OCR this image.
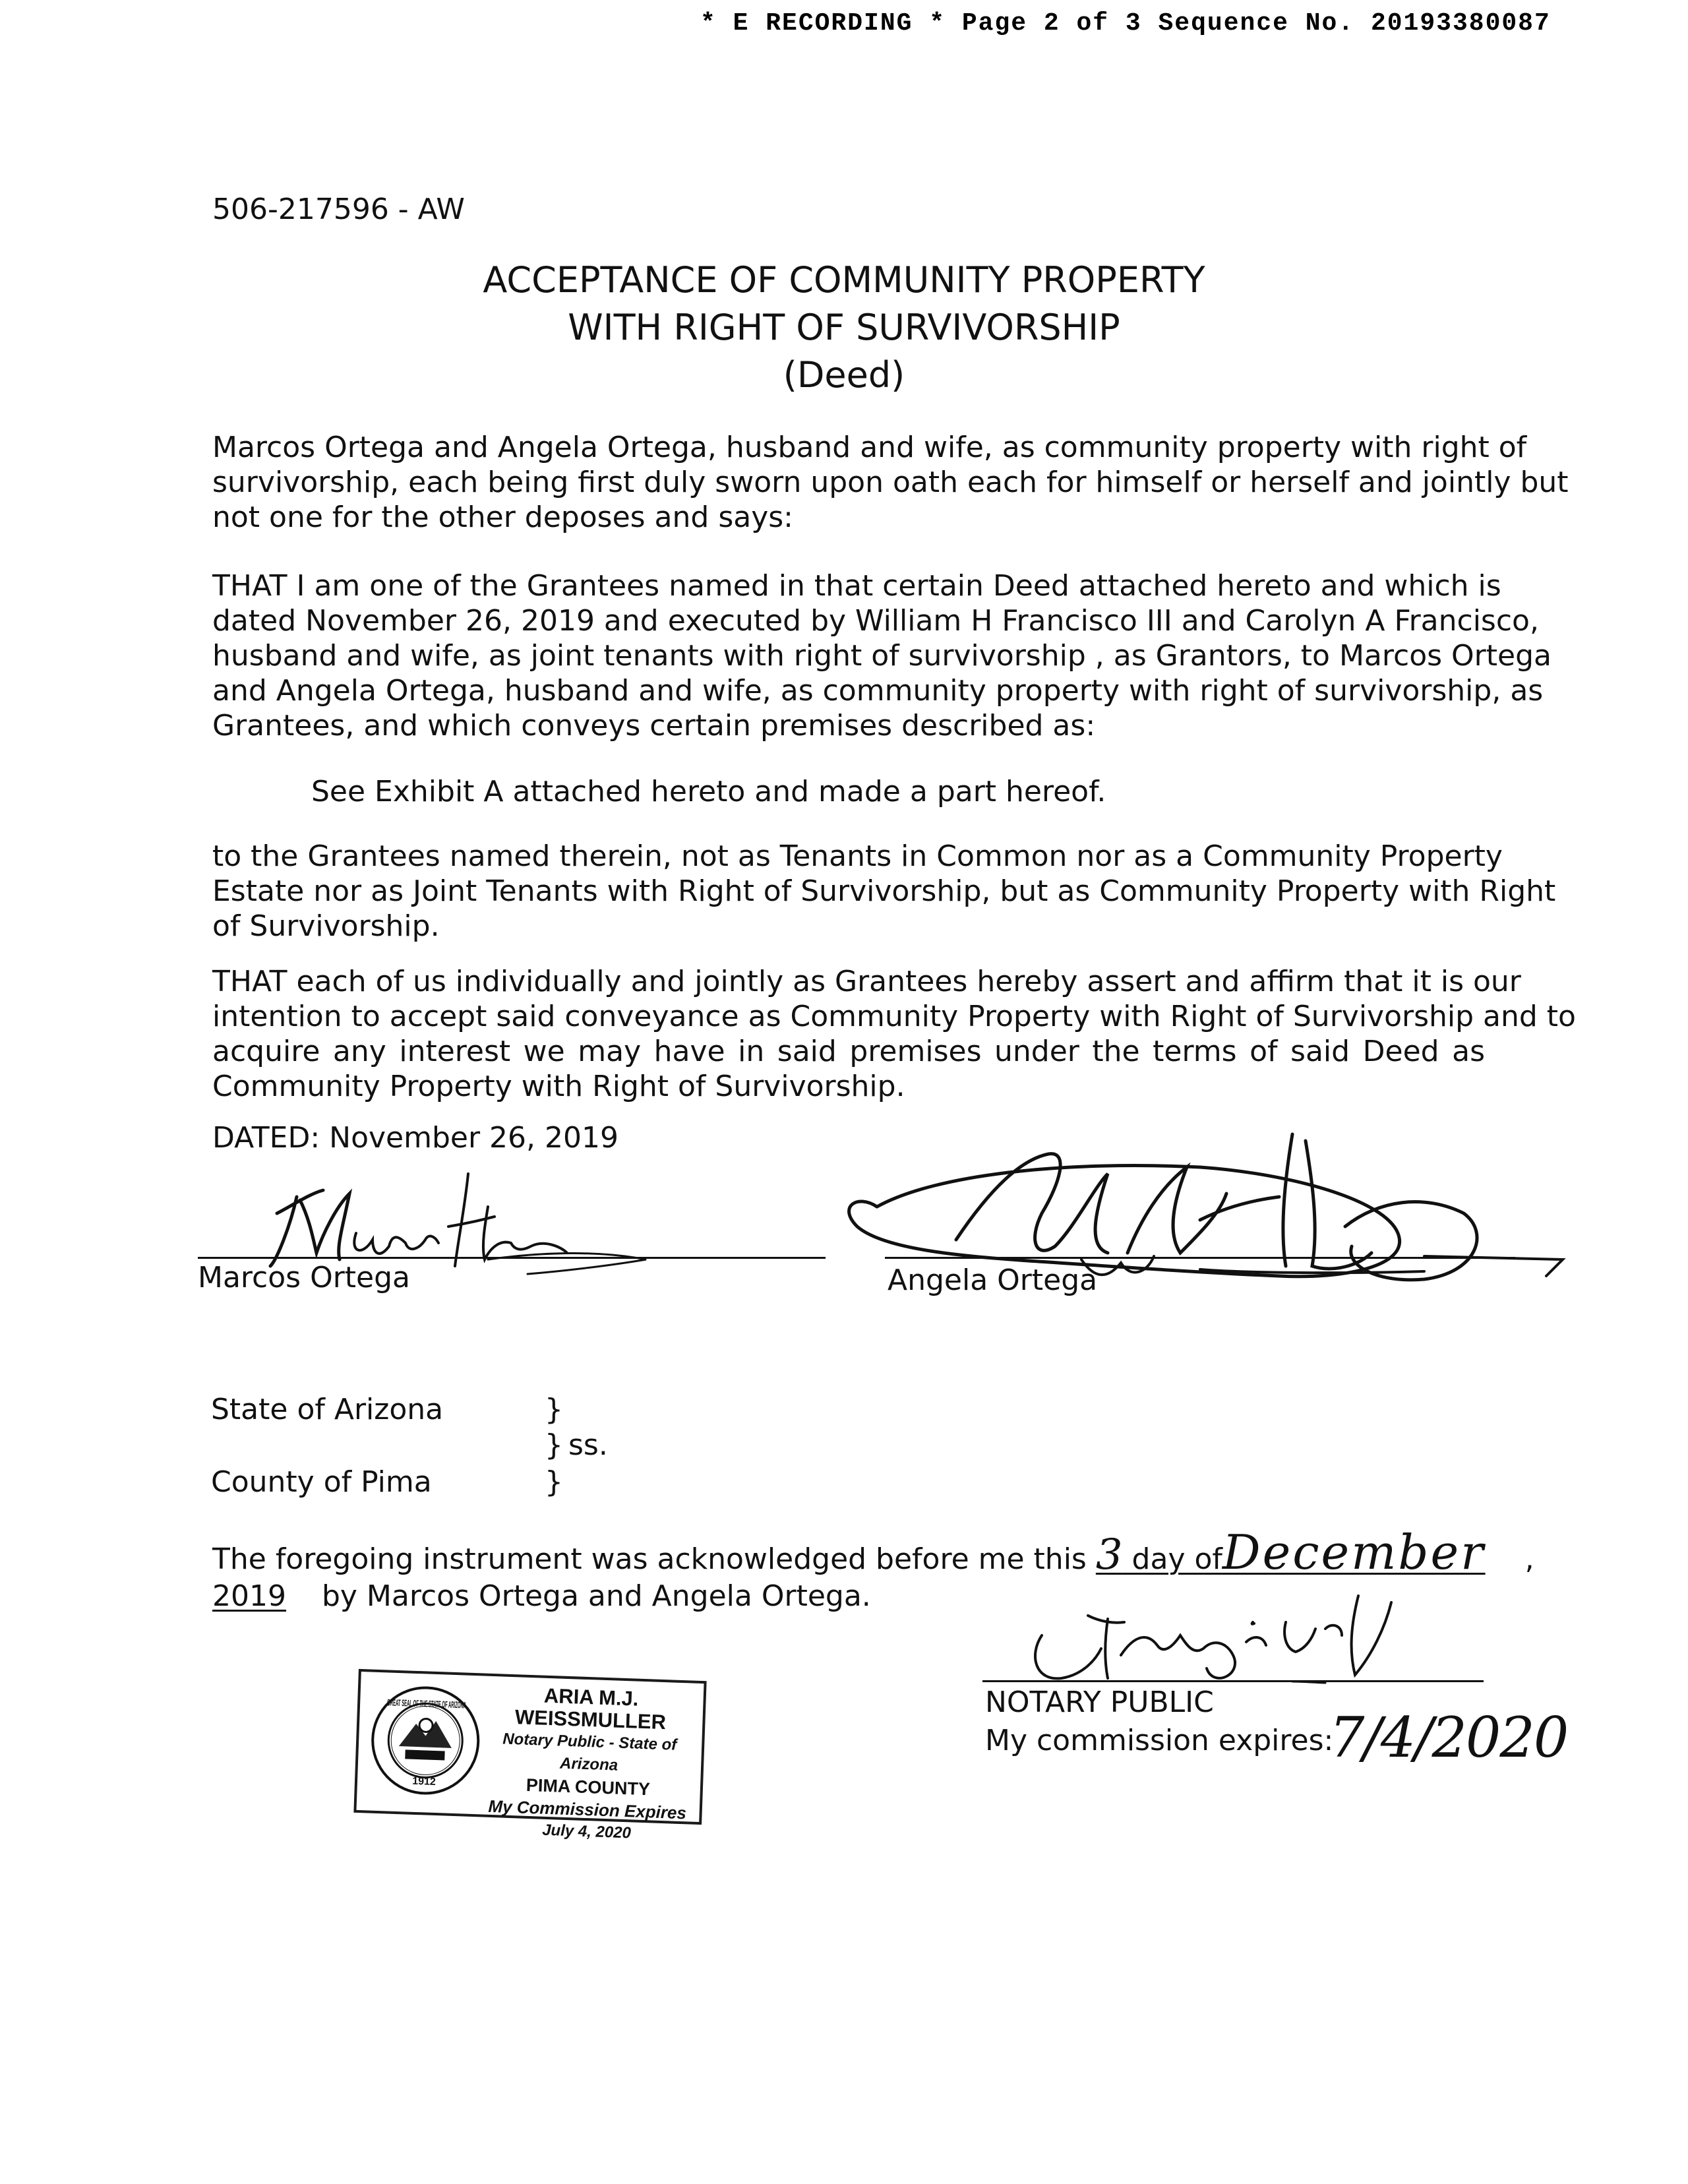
* E RECORDING * Page 2 of 3 Sequence No. 20193380087
506-217596 - AW
ACCEPTANCE OF COMMUNITY PROPERTY
WITH RIGHT OF SURVIVORSHIP
(Deed)
Marcos Ortega and Angela Ortega, husband and wife, as community property with right of
survivorship, each being first duly sworn upon oath each for himself or herself and jointly but
not one for the other deposes and says:
THAT I am one of the Grantees named in that certain Deed attached hereto and which is
dated November 26, 2019 and executed by William H Francisco III and Carolyn A Francisco,
husband and wife, as joint tenants with right of survivorship , as Grantors, to Marcos Ortega
and Angela Ortega, husband and wife, as community property with right of survivorship, as
Grantees, and which conveys certain premises described as:
See Exhibit A attached hereto and made a part hereof.
to the Grantees named therein, not as Tenants in Common nor as a Community Property
Estate nor as Joint Tenants with Right of Survivorship, but as Community Property with Right
of Survivorship.
THAT each of us individually and jointly as Grantees hereby assert and affirm that it is our
intention to accept said conveyance as Community Property with Right of Survivorship and to
acquire any interest we may have in said premises under the terms of said Deed as
Community Property with Right of Survivorship.
DATED: November 26, 2019
Marcos Ortega	Angela Ortega
State of Arizona
County of Pima
}
} ss.
}
The foregoing instrument was acknowledged before me this 3 day ofDecember ,
2019 by Marcos Ortega and Angela Ortega.
NOTARY PUBLIC
My commission expires:
7/4/2020
GREAT SEAL OF THE STATE OF ARIZONA
1912
ARIA M.J. WEISSMULLER
Notary Public - State of Arizona
PIMA COUNTY
My Commission Expires
July 4, 2020
